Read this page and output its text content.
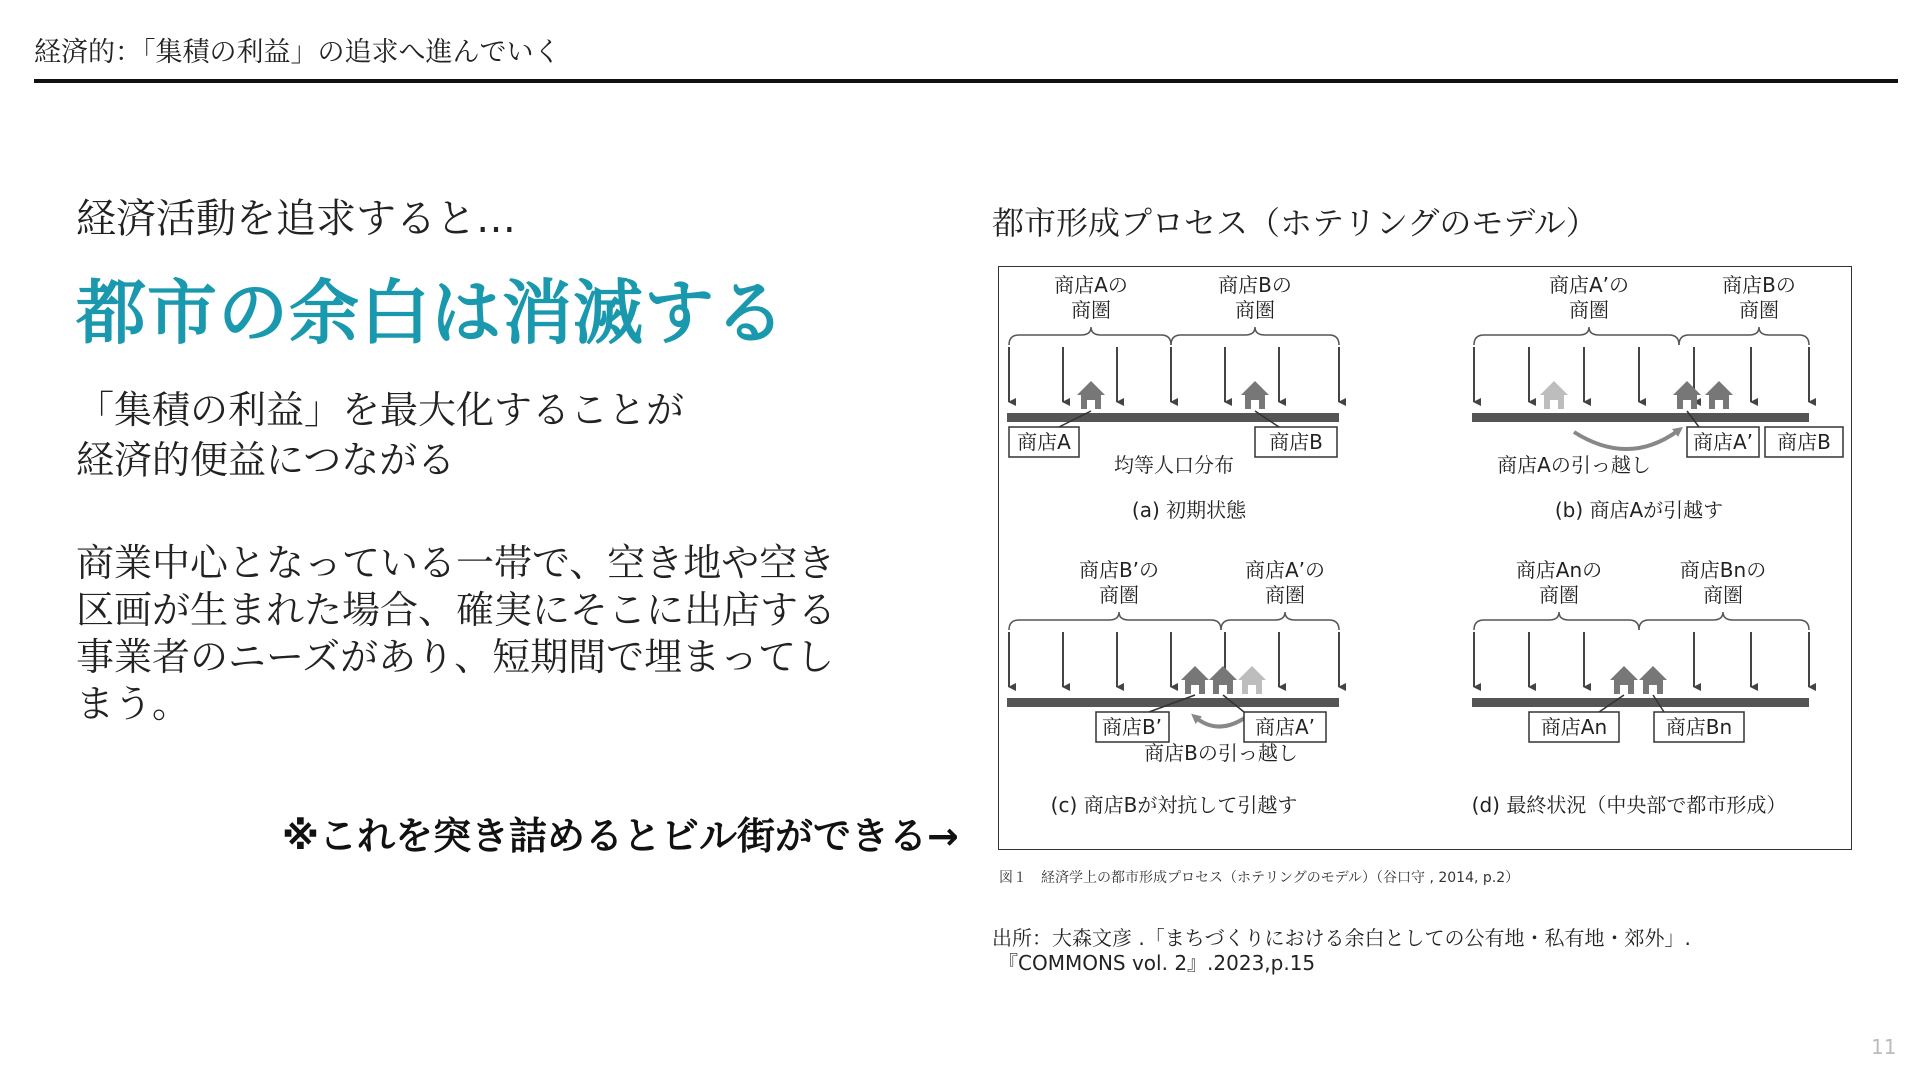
経済的：「集積の利益」の追求へ進んでいく
経済活動を追求すると…
都市の余白は消滅する
「集積の利益」を最大化することが
経済的便益につながる
商業中心となっている一帯で、空き地や空き
区画が生まれた場合、確実にそこに出店する
事業者のニーズがあり、短期間で埋まってし
まう。
※これを突き詰めるとビル街ができる→
都市形成プロセス（ホテリングのモデル）
商店Aの
商圏
商店Bの
商圏
商店A	商店B
均等人口分布
(a) 初期状態
商店A’の
商圏
商店Bの
商圏
商店A’ 商店B
商店Aの引っ越し
(b) 商店Aが引越す
商店B’の
商圏
商店A’の
商圏
商店B’	商店A’
商店Bの引っ越し
(c) 商店Bが対抗して引越す
商店Anの
商圏
商店Bnの
商圏
商店An	商店Bn
(d) 最終状況（中央部で都市形成）
図１　経済学上の都市形成プロセス（ホテリングのモデル）（谷口守 , 2014, p.2）
出所：大森文彦 .「まちづくりにおける余白としての公有地・私有地・郊外」.
『COMMONS vol. 2』.2023,p.15
11
